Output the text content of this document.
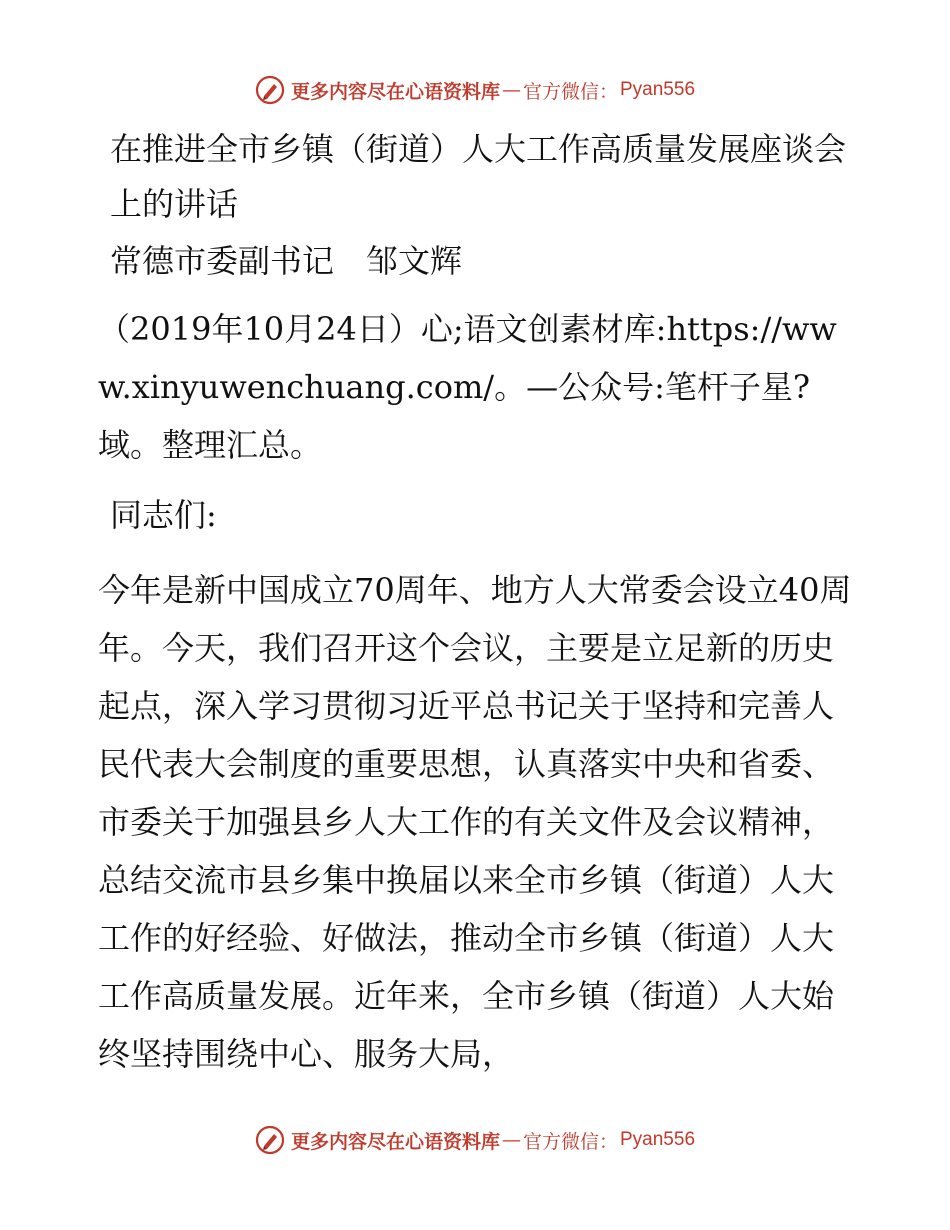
更多内容尽在心语资料库 — 官方微信： Pyan556

在推进全市乡镇（街道）人大工作高质量发展座谈会上的讲话

常德市委副书记　邹文辉

（2019年10月24日）心;语文创素材库:https://www.xinyuwenchuang.com/。—公众号:笔杆子星?域。整理汇总。

同志们:

今年是新中国成立70周年、地方人大常委会设立40周年。今天，我们召开这个会议，主要是立足新的历史起点，深入学习贯彻习近平总书记关于坚持和完善人民代表大会制度的重要思想，认真落实中央和省委、市委关于加强县乡人大工作的有关文件及会议精神，总结交流市县乡集中换届以来全市乡镇（街道）人大工作的好经验、好做法，推动全市乡镇（街道）人大工作高质量发展。近年来，全市乡镇（街道）人大始终坚持围绕中心、服务大局，

更多内容尽在心语资料库 — 官方微信： Pyan556
